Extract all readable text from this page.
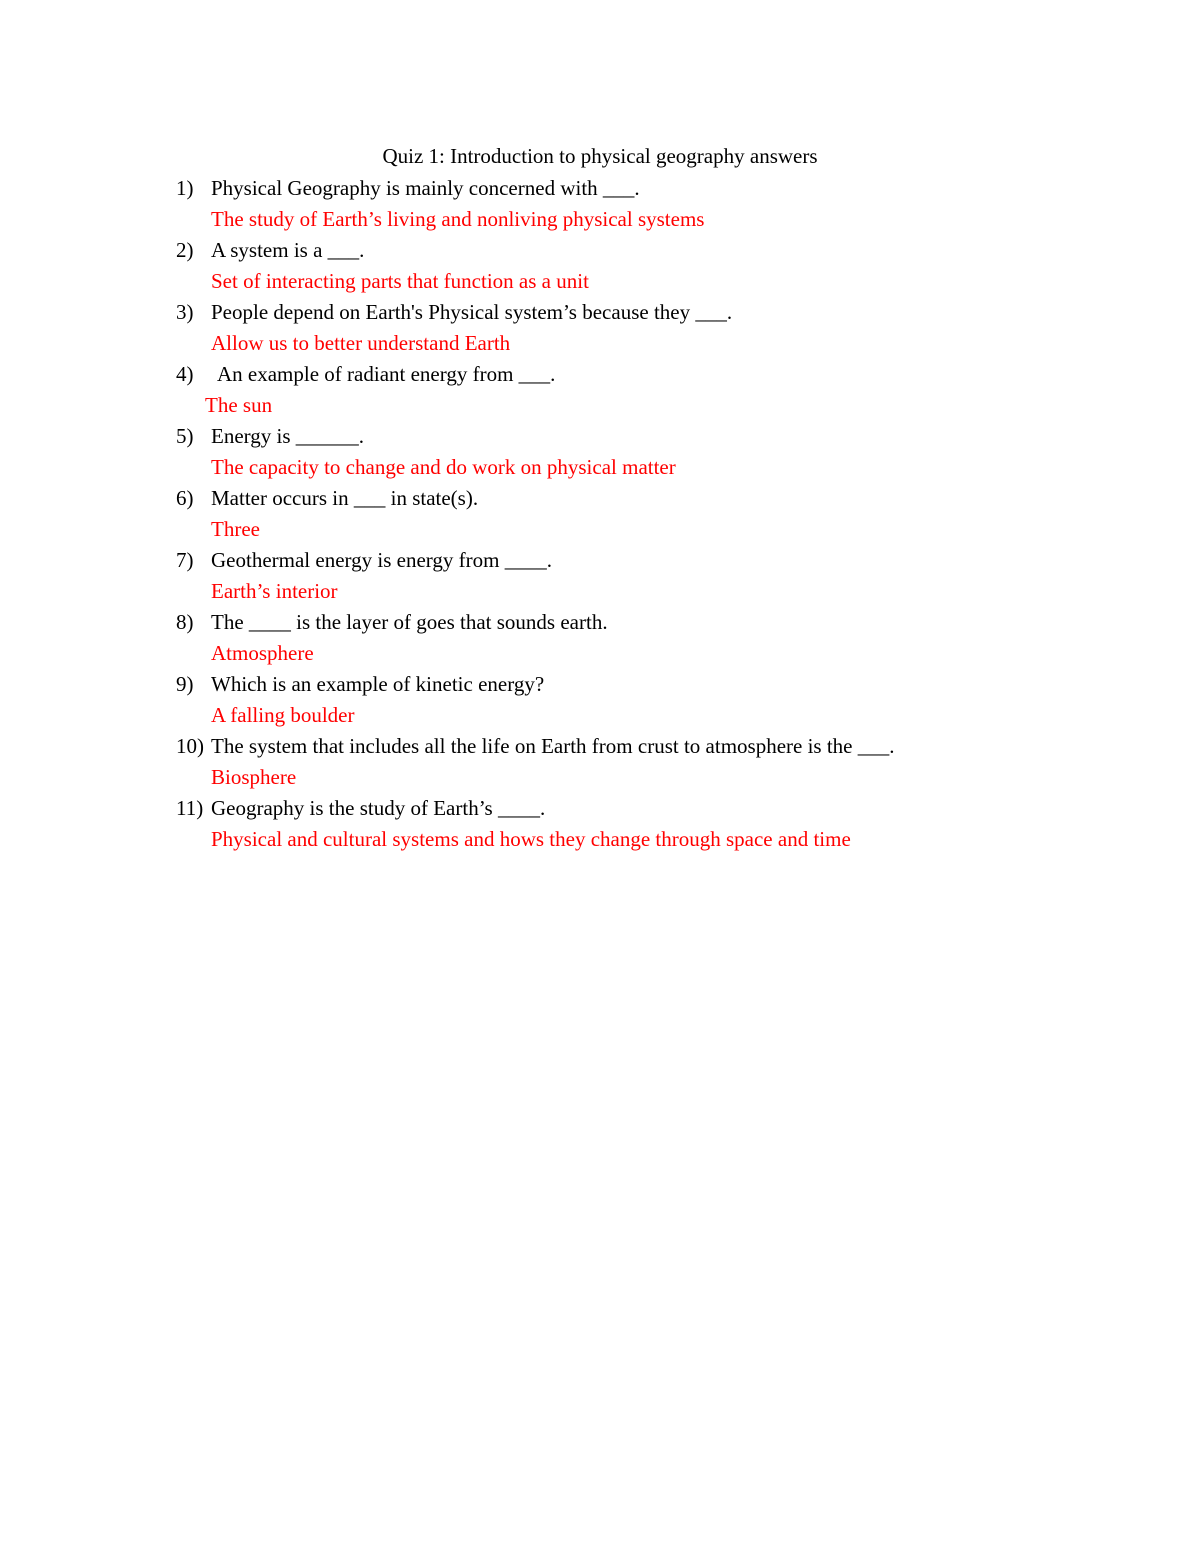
Quiz 1: Introduction to physical geography answers
1) Physical Geography is mainly concerned with ___.
The study of Earth’s living and nonliving physical systems
2) A system is a ___.
Set of interacting parts that function as a unit
3) People depend on Earth's Physical system’s because they ___.
Allow us to better understand Earth
4) An example of radiant energy from ___.
The sun
5) Energy is ______.
The capacity to change and do work on physical matter
6) Matter occurs in ___ in state(s).
Three
7) Geothermal energy is energy from ____.
Earth’s interior
8) The ____ is the layer of goes that sounds earth.
Atmosphere
9) Which is an example of kinetic energy?
A falling boulder
10) The system that includes all the life on Earth from crust to atmosphere is the ___.
Biosphere
11) Geography is the study of Earth’s ____.
Physical and cultural systems and hows they change through space and time
